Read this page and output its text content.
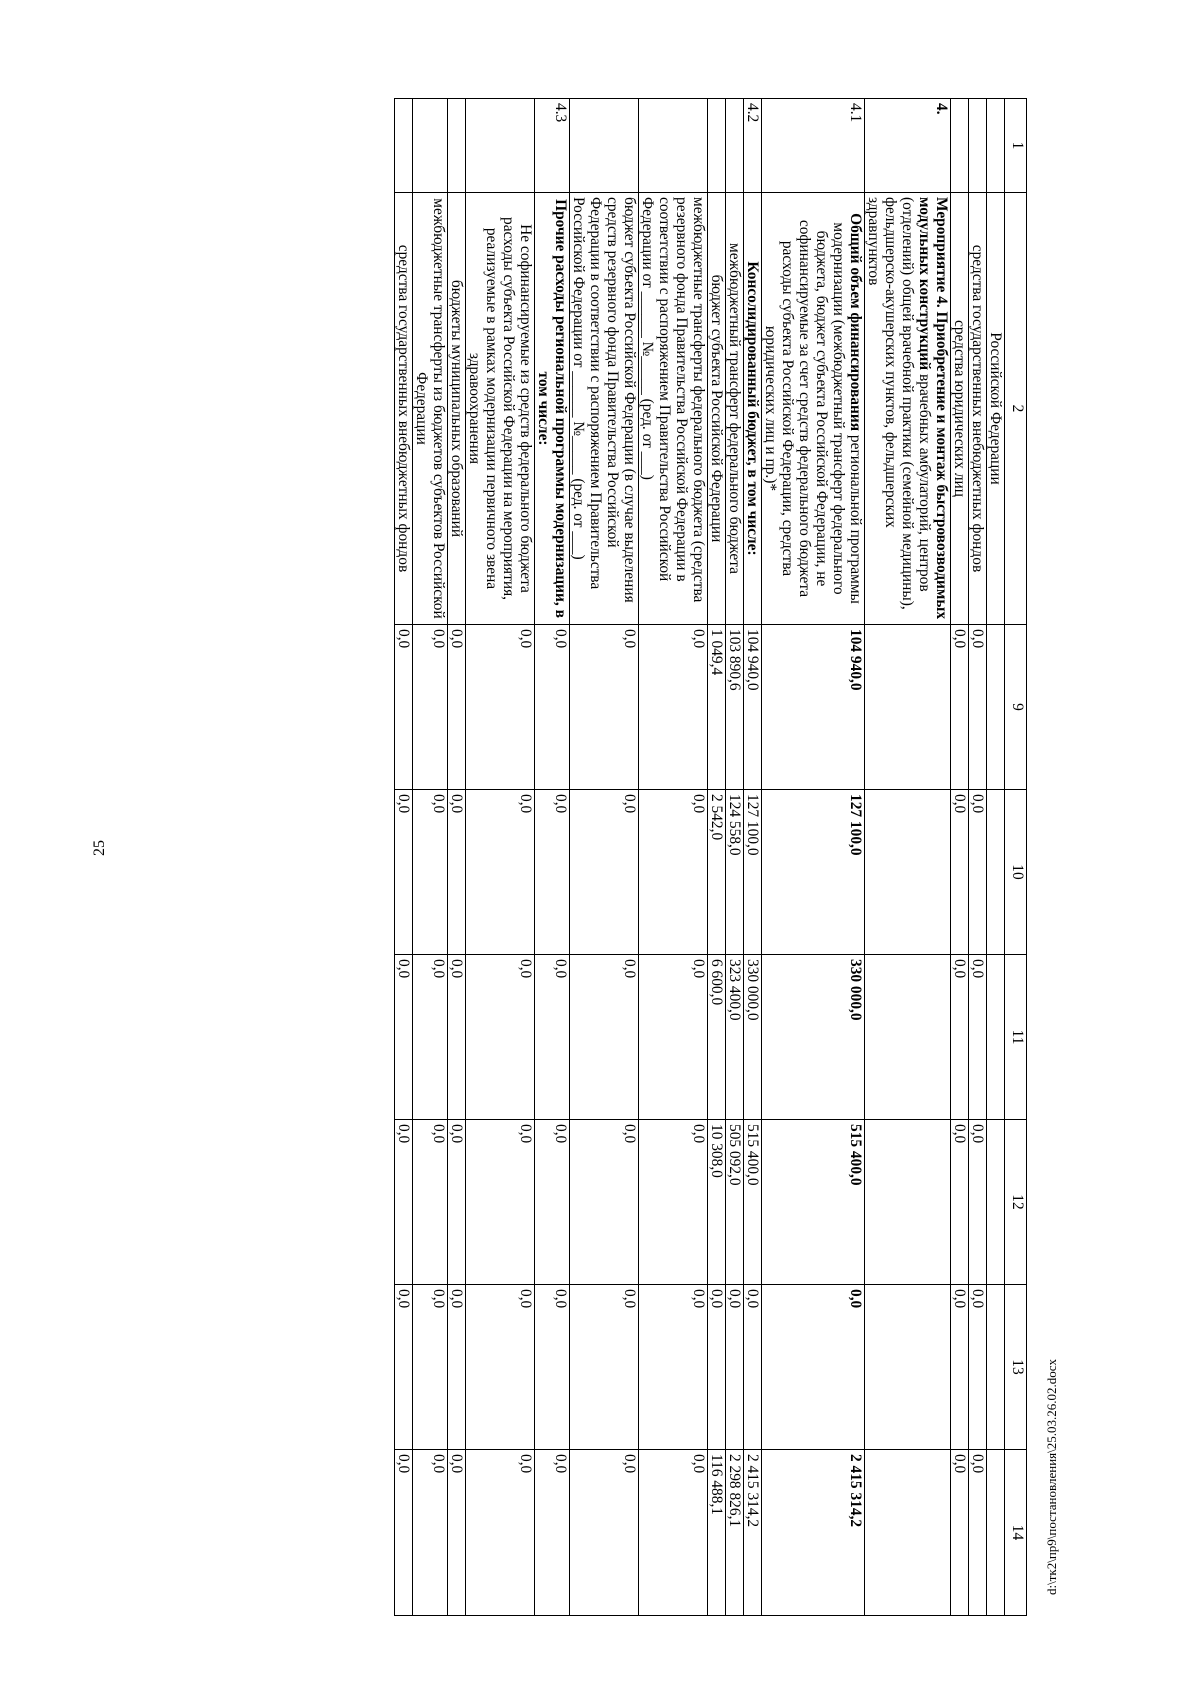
25
1	2	9	10	11	12	13	14
	Российской Федерации						
	средства государственных внебюджетных фондов	0,0	0,0	0,0	0,0	0,0	0,0
	средства юридических лиц	0,0	0,0	0,0	0,0	0,0	0,0
4.	Мероприятие 4. Приобретение и монтаж быстровозводимых модульных конструкций врачебных амбулаторий, центров (отделений) общей врачебной практики (семейной медицины), фельдшерско-акушерских пунктов, фельдшерских здравпунктов						
4.1	Общий объем финансирования региональной программы модернизации (межбюджетный трансферт федерального бюджета, бюджет субъекта Российской Федерации, не софинансируемые за счет средств федерального бюджета расходы субъекта Российской Федерации, средства юридических лиц и пр.)*	104 940,0	127 100,0	330 000,0	515 400,0	0,0	2 415 314,2
4.2	Консолидированный бюджет, в том числе:	104 940,0	127 100,0	330 000,0	515 400,0	0,0	2 415 314,2
	межбюджетный трансферт федерального бюджета	103 890,6	124 558,0	323 400,0	505 092,0	0,0	2 298 826,1
	бюджет субъекта Российской Федерации	1 049,4	2 542,0	6 600,0	10 308,0	0,0	116 488,1
	межбюджетные трансферты федерального бюджета (средства резервного фонда Правительства Российской Федерации в соответствии с распоряжением Правительства Российской Федерации от ______ №_____ (ред. от ___)	0,0	0,0	0,0	0,0	0,0	0,0
	бюджет субъекта Российской Федерации (в случае выделения средств резервного фонда Правительства Российской Федерации в соответствии с распоряжением Правительства Российской Федерации от ______ №_____ (ред. от ___)	0,0	0,0	0,0	0,0	0,0	0,0
4.3	Прочие расходы региональной программы модернизации, в том числе:	0,0	0,0	0,0	0,0	0,0	0,0
	Не софинансируемые из средств федерального бюджета расходы субъекта Российской Федерации на мероприятия, реализуемые в рамках модернизации первичного звена здравоохранения	0,0	0,0	0,0	0,0	0,0	0,0
	бюджеты муниципальных образований	0,0	0,0	0,0	0,0	0,0	0,0
	межбюджетные трансферты из бюджетов субъектов Российской Федерации	0,0	0,0	0,0	0,0	0,0	0,0
	средства государственных внебюджетных фондов	0,0	0,0	0,0	0,0	0,0	0,0	d:\тк2\пр9\постановления\25.03.26.02.docx
